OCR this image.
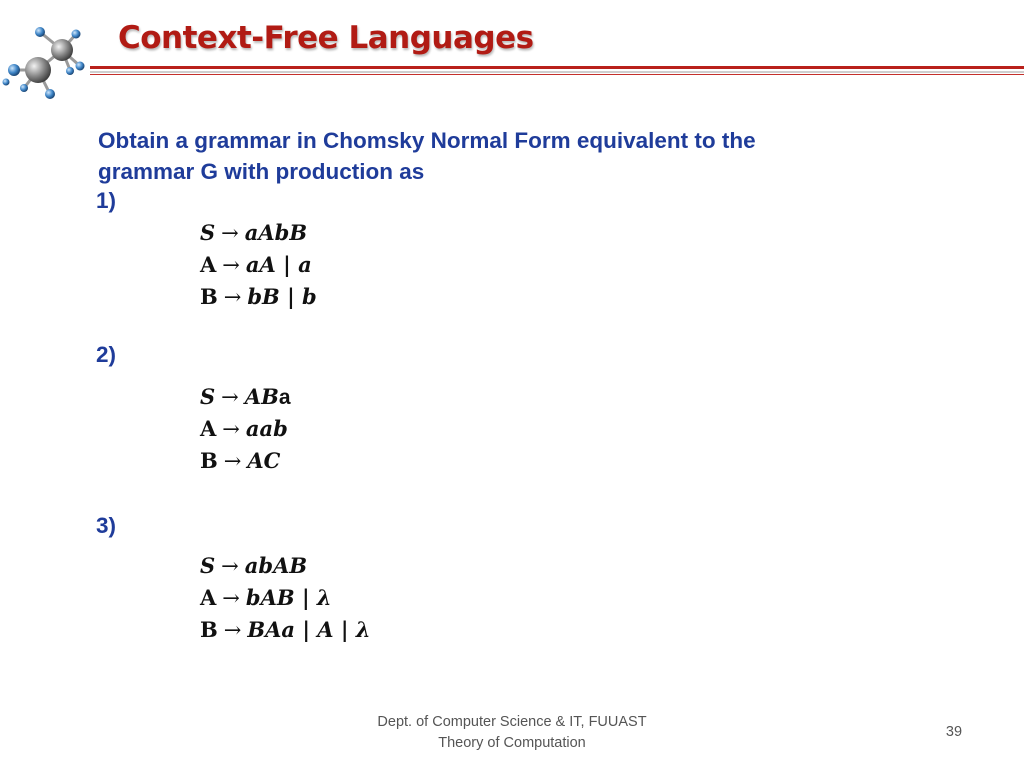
Context-Free Languages
Obtain a grammar in Chomsky Normal Form equivalent to the
grammar G with production as
1)
S → aAbB
A → aA | a
B → bB | b
2)
S → ABa
A → aab
B → AC
3)
S → abAB
A → bAB | λ
B → BAa | A | λ
Dept. of Computer Science & IT, FUUAST
Theory of Computation
39
